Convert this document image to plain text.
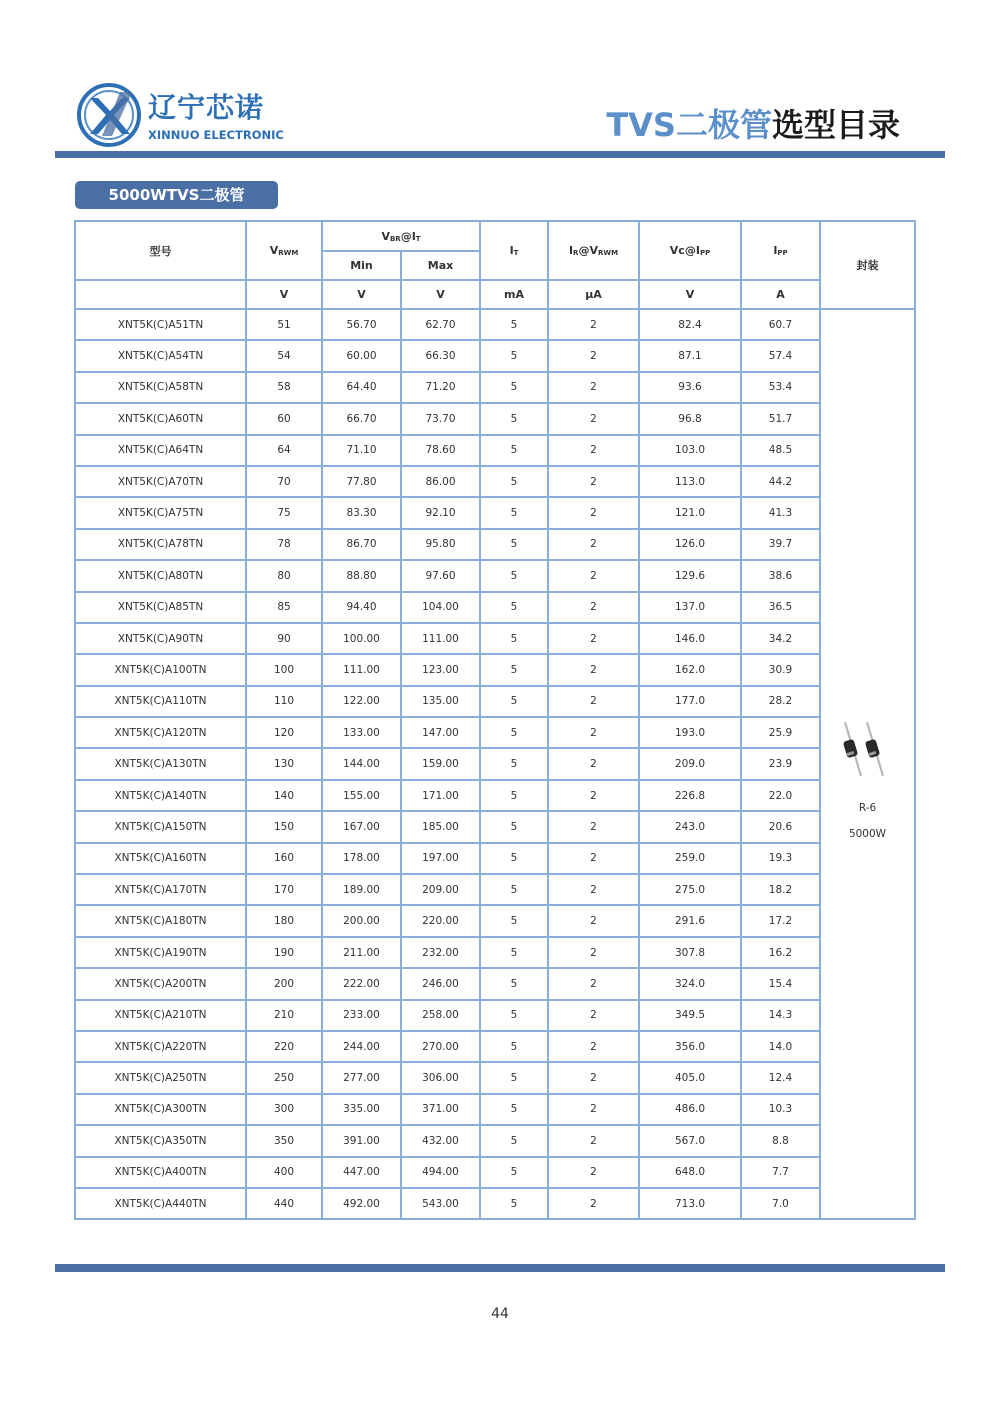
辽宁芯诺
XINNUO ELECTRONIC	TVS二极管选型目录
5000WTVS二极管
型号	$V_{RWM}$	$V_{BR}@I_T$		$I_T$	$I_R@V_{RWM}$	$Vc@I_{PP}$	$I_{PP}$	封装
		Min	Max					
	V	V	V	mA	μA	V	A	
XNT5K(C)A51TN	51	56.70	62.70	5	2	82.4	60.7	R-6
5000W

XNT5K(C)A54TN	54	60.00	66.30	5	2	87.1	57.4	
XNT5K(C)A58TN	58	64.40	71.20	5	2	93.6	53.4	
XNT5K(C)A60TN	60	66.70	73.70	5	2	96.8	51.7	
XNT5K(C)A64TN	64	71.10	78.60	5	2	103.0	48.5	
XNT5K(C)A70TN	70	77.80	86.00	5	2	113.0	44.2	
XNT5K(C)A75TN	75	83.30	92.10	5	2	121.0	41.3	
XNT5K(C)A78TN	78	86.70	95.80	5	2	126.0	39.7	
XNT5K(C)A80TN	80	88.80	97.60	5	2	129.6	38.6	
XNT5K(C)A85TN	85	94.40	104.00	5	2	137.0	36.5	
XNT5K(C)A90TN	90	100.00	111.00	5	2	146.0	34.2	
XNT5K(C)A100TN	100	111.00	123.00	5	2	162.0	30.9	
XNT5K(C)A110TN	110	122.00	135.00	5	2	177.0	28.2	
XNT5K(C)A120TN	120	133.00	147.00	5	2	193.0	25.9	
XNT5K(C)A130TN	130	144.00	159.00	5	2	209.0	23.9	
XNT5K(C)A140TN	140	155.00	171.00	5	2	226.8	22.0	
XNT5K(C)A150TN	150	167.00	185.00	5	2	243.0	20.6	
XNT5K(C)A160TN	160	178.00	197.00	5	2	259.0	19.3	
XNT5K(C)A170TN	170	189.00	209.00	5	2	275.0	18.2	
XNT5K(C)A180TN	180	200.00	220.00	5	2	291.6	17.2	
XNT5K(C)A190TN	190	211.00	232.00	5	2	307.8	16.2	
XNT5K(C)A200TN	200	222.00	246.00	5	2	324.0	15.4	
XNT5K(C)A210TN	210	233.00	258.00	5	2	349.5	14.3	
XNT5K(C)A220TN	220	244.00	270.00	5	2	356.0	14.0	
XNT5K(C)A250TN	250	277.00	306.00	5	2	405.0	12.4	
XNT5K(C)A300TN	300	335.00	371.00	5	2	486.0	10.3	
XNT5K(C)A350TN	350	391.00	432.00	5	2	567.0	8.8	
XNT5K(C)A400TN	400	447.00	494.00	5	2	648.0	7.7	
XNT5K(C)A440TN	440	492.00	543.00	5	2	713.0	7.0	
44
